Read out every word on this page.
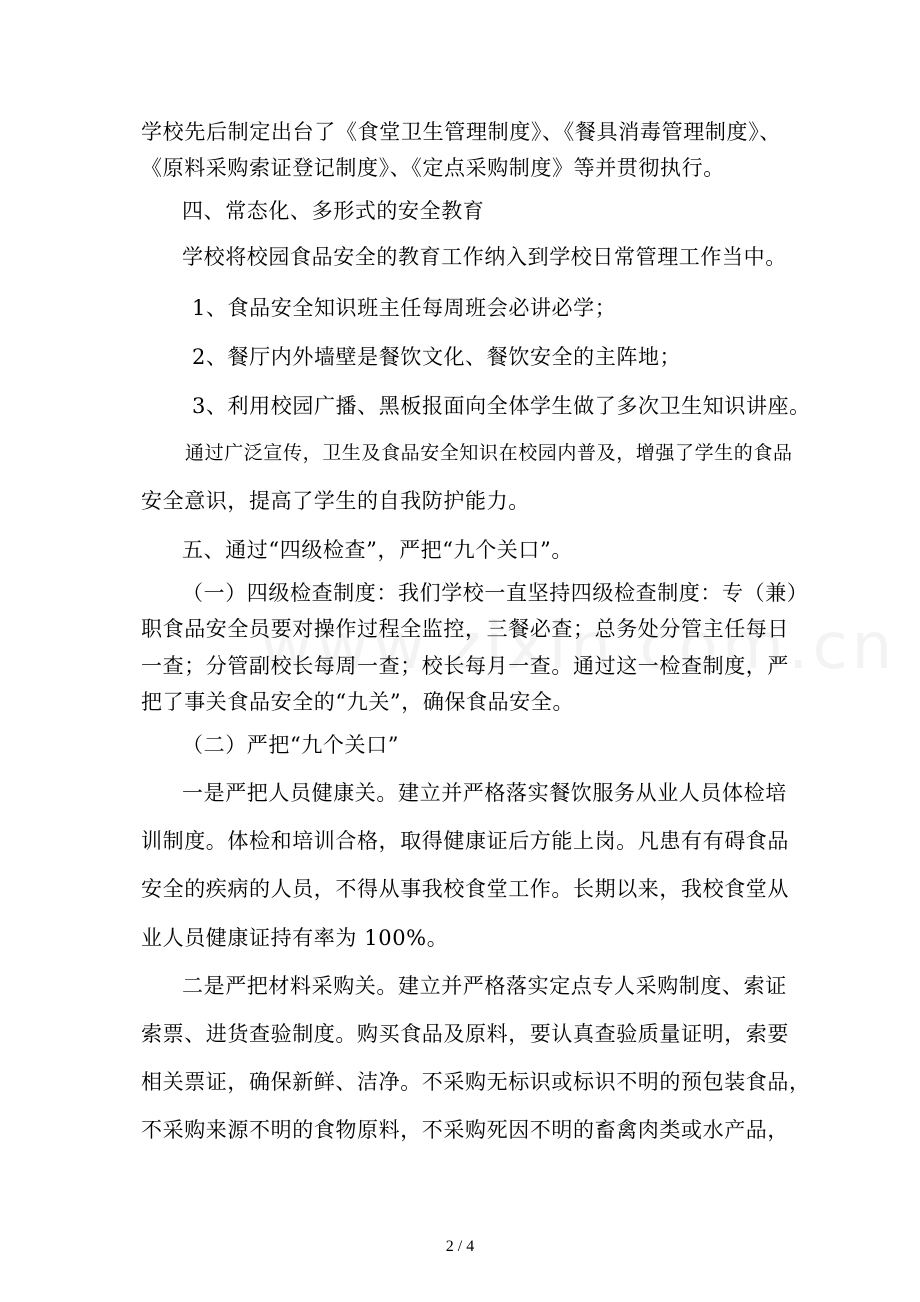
学校先后制定出台了《食堂卫生管理制度》、《餐具消毒管理制度》、
《原料采购索证登记制度》、《定点采购制度》等并贯彻执行。
四、常态化、多形式的安全教育
学校将校园食品安全的教育工作纳入到学校日常管理工作当中。
1、食品安全知识班主任每周班会必讲必学；
2、餐厅内外墙壁是餐饮文化、餐饮安全的主阵地；
3、利用校园广播、黑板报面向全体学生做了多次卫生知识讲座。
通过广泛宣传，卫生及食品安全知识在校园内普及，增强了学生的食品
安全意识，提高了学生的自我防护能力。
五、通过“四级检查”，严把“九个关口”。
（一）四级检查制度：我们学校一直坚持四级检查制度：专（兼）
职食品安全员要对操作过程全监控，三餐必查；总务处分管主任每日
一查；分管副校长每周一查；校长每月一查。通过这一检查制度，严
把了事关食品安全的“九关”，确保食品安全。
（二）严把“九个关口”
一是严把人员健康关。建立并严格落实餐饮服务从业人员体检培
训制度。体检和培训合格，取得健康证后方能上岗。凡患有有碍食品
安全的疾病的人员，不得从事我校食堂工作。长期以来，我校食堂从
业人员健康证持有率为 100%。
二是严把材料采购关。建立并严格落实定点专人采购制度、索证
索票、进货查验制度。购买食品及原料，要认真查验质量证明，索要
相关票证，确保新鲜、洁净。不采购无标识或标识不明的预包装食品，
不采购来源不明的食物原料，不采购死因不明的畜禽肉类或水产品，
2 / 4
